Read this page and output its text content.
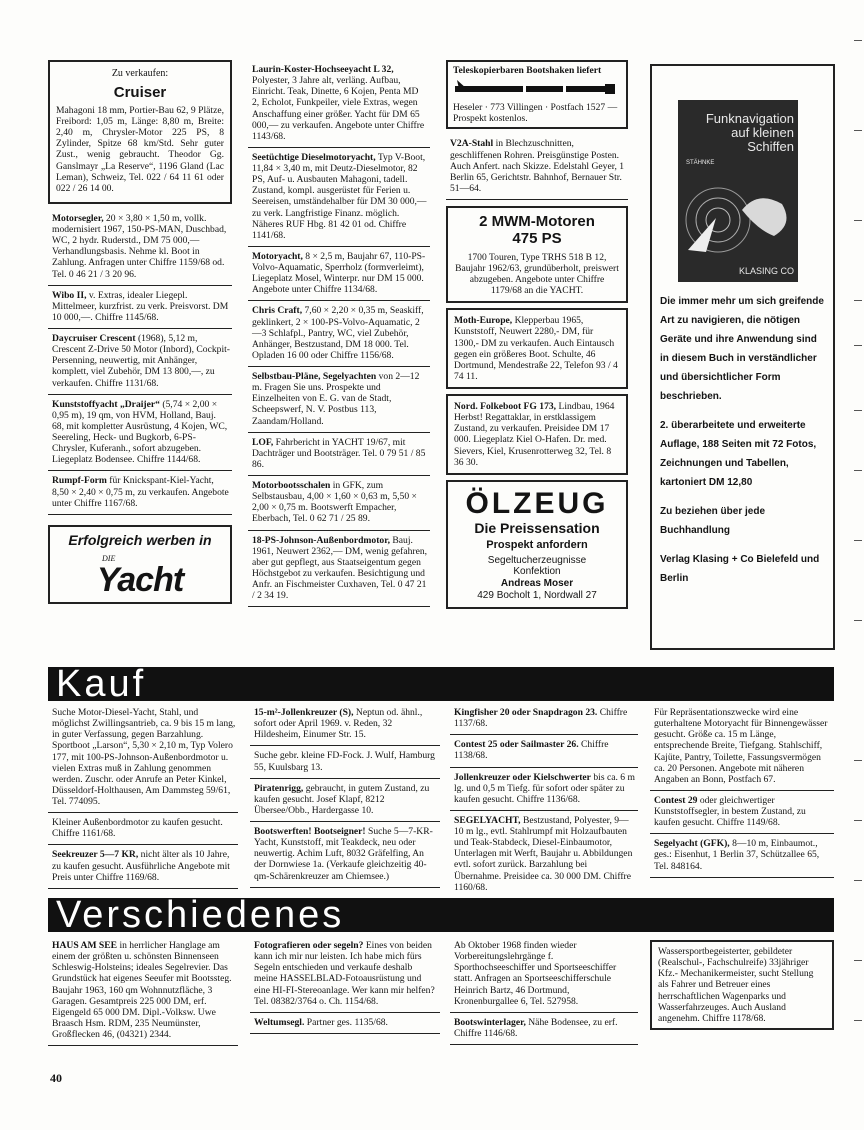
Zu verkaufen:
Cruiser
Mahagoni 18 mm, Portier-Bau 62, 9 Plätze, Freibord: 1,05 m, Länge: 8,80 m, Breite: 2,40 m, Chrysler-Motor 225 PS, 8 Zylinder, Spitze 68 km/Std. Sehr guter Zust., wenig gebraucht. Theodor Gg. Ganslmayr „La Reserve“, 1196 Gland (Lac Leman), Schweiz, Tel. 022 / 64 11 61 oder 022 / 26 14 00.
Motorsegler, 20 × 3,80 × 1,50 m, vollk. modernisiert 1967, 150-PS-MAN, Duschbad, WC, 2 hydr. Ruderstd., DM 75 000,— Verhandlungsbasis. Nehme kl. Boot in Zahlung. Anfragen unter Chiffre 1159/68 od. Tel. 0 46 21 / 3 20 96.
Wibo II, v. Extras, idealer Liegepl. Mittelmeer, kurzfrist. zu verk. Preisvorst. DM 10 000,—. Chiffre 1145/68.
Daycruiser Crescent (1968), 5,12 m, Crescent Z-Drive 50 Motor (Inbord), Cockpit-Persenning, neuwertig, mit Anhänger, komplett, viel Zubehör, DM 13 800,—, zu verkaufen. Chiffre 1131/68.
Kunststoffyacht „Draijer“ (5,74 × 2,00 × 0,95 m), 19 qm, von HVM, Holland, Bauj. 68, mit kompletter Ausrüstung, 4 Kojen, WC, Seereling, Heck- und Bugkorb, 6-PS-Chrysler, Kuferanh., sofort abzugeben. Liegeplatz Bodensee. Chiffre 1144/68.
Rumpf-Form für Knickspant-Kiel-Yacht, 8,50 × 2,40 × 0,75 m, zu verkaufen. Angebote unter Chiffre 1167/68.
Erfolgreich werben in
DIE
Yacht
Laurin-Koster-Hochseeyacht L 32, Polyester, 3 Jahre alt, verläng. Aufbau, Einricht. Teak, Dinette, 6 Kojen, Penta MD 2, Echolot, Funkpeiler, viele Extras, wegen Anschaffung einer größer. Yacht für DM 65 000,— zu verkaufen. Angebote unter Chiffre 1143/68.
Seetüchtige Dieselmotoryacht, Typ V-Boot, 11,84 × 3,40 m, mit Deutz-Dieselmotor, 82 PS, Auf- u. Ausbauten Mahagoni, tadell. Zustand, kompl. ausgerüstet für Ferien u. Seereisen, umständehalber für DM 30 000,— zu verk. Langfristige Finanz. möglich. Näheres RUF Hbg. 81 42 01 od. Chiffre 1141/68.
Motoryacht, 8 × 2,5 m, Baujahr 67, 110-PS-Volvo-Aquamatic, Sperrholz (formverleimt), Liegeplatz Mosel, Winterpr. nur DM 15 000. Angebote unter Chiffre 1134/68.
Chris Craft, 7,60 × 2,20 × 0,35 m, Seaskiff, geklinkert, 2 × 100-PS-Volvo-Aquamatic, 2—3 Schlafpl., Pantry, WC, viel Zubehör, Anhänger, Bestzustand, DM 18 000. Tel. Opladen 16 00 oder Chiffre 1156/68.
Selbstbau-Pläne, Segelyachten von 2—12 m. Fragen Sie uns. Prospekte und Einzelheiten von E. G. van de Stadt, Scheepswerf, N. V. Postbus 113, Zaandam/Holland.
LOF, Fahrbericht in YACHT 19/67, mit Dachträger und Bootsträger. Tel. 0 79 51 / 85 86.
Motorbootsschalen in GFK, zum Selbstausbau, 4,00 × 1,60 × 0,63 m, 5,50 × 2,00 × 0,75 m. Bootswerft Empacher, Eberbach, Tel. 0 62 71 / 25 89.
18-PS-Johnson-Außenbordmotor, Bauj. 1961, Neuwert 2362,— DM, wenig gefahren, aber gut gepflegt, aus Staatseigentum gegen Höchstgebot zu verkaufen. Besichtigung und Anfr. an Fischmeister Cuxhaven, Tel. 0 47 21 / 2 34 19.
Teleskopierbaren Bootshaken liefert
Heseler · 773 Villingen · Postfach 1527 — Prospekt kostenlos.
V2A-Stahl in Blechzuschnitten, geschliffenen Rohren. Preisgünstige Posten. Auch Anfert. nach Skizze. Edelstahl Geyer, 1 Berlin 65, Gerichtstr. Bahnhof, Bernauer Str. 51—64.
2 MWM-Motoren
475 PS
1700 Touren, Type TRHS 518 B 12, Baujahr 1962/63, grundüberholt, preiswert abzugeben. Angebote unter Chiffre 1179/68 an die YACHT.
Moth-Europe, Klepperbau 1965, Kunststoff, Neuwert 2280,- DM, für 1300,- DM zu verkaufen. Auch Eintausch gegen ein größeres Boot. Schulte, 46 Dortmund, Mendestraße 22, Telefon 93 / 4 74 11.
Nord. Folkeboot FG 173, Lindbau, 1964 Herbst! Regattaklar, in erstklassigem Zustand, zu verkaufen. Preisidee DM 17 000. Liegeplatz Kiel O-Hafen. Dr. med. Sievers, Kiel, Krusenrotterweg 32, Tel. 8 36 30.
ÖLZEUG
Die Preissensation
Prospekt anfordern
Segeltucherzeugnisse
Konfektion
Andreas Moser
429 Bocholt 1, Nordwall 27
Funknavigation auf kleinen Schiffen
STÄHNKE
KLASING CO
Die immer mehr um sich greifende Art zu navigieren, die nötigen Geräte und ihre Anwendung sind in diesem Buch in verständlicher und übersichtlicher Form beschrieben.
2. überarbeitete und erweiterte Auflage, 188 Seiten mit 72 Fotos, Zeichnungen und Tabellen, kartoniert DM 12,80
Zu beziehen über jede Buchhandlung
Verlag Klasing + Co Bielefeld und Berlin
Kauf
Suche Motor-Diesel-Yacht, Stahl, und möglichst Zwillingsantrieb, ca. 9 bis 15 m lang, in guter Verfassung, gegen Barzahlung. Sportboot „Larson“, 5,30 × 2,10 m, Typ Volero 177, mit 100-PS-Johnson-Außenbordmotor u. vielen Extras muß in Zahlung genommen werden. Zuschr. oder Anrufe an Peter Kinkel, Düsseldorf-Holthausen, Am Dammsteg 59/61, Tel. 774095.
Kleiner Außenbordmotor zu kaufen gesucht. Chiffre 1161/68.
Seekreuzer 5—7 KR, nicht älter als 10 Jahre, zu kaufen gesucht. Ausführliche Angebote mit Preis unter Chiffre 1169/68.
15-m²-Jollenkreuzer (S), Neptun od. ähnl., sofort oder April 1969. v. Reden, 32 Hildesheim, Einumer Str. 15.
Suche gebr. kleine FD-Fock. J. Wulf, Hamburg 55, Kuulsbarg 13.
Piratenrigg, gebraucht, in gutem Zustand, zu kaufen gesucht. Josef Klapf, 8212 Übersee/Obb., Hardergasse 10.
Bootswerften! Bootseigner! Suche 5—7-KR-Yacht, Kunststoff, mit Teakdeck, neu oder neuwertig. Achim Luft, 8032 Gräfelfing, An der Dornwiese 1a. (Verkaufe gleichzeitig 40-qm-Schärenkreuzer am Chiemsee.)
Kingfisher 20 oder Snapdragon 23. Chiffre 1137/68.
Contest 25 oder Sailmaster 26. Chiffre 1138/68.
Jollenkreuzer oder Kielschwerter bis ca. 6 m lg. und 0,5 m Tiefg. für sofort oder später zu kaufen gesucht. Chiffre 1136/68.
SEGELYACHT, Bestzustand, Polyester, 9—10 m lg., evtl. Stahlrumpf mit Holzaufbauten und Teak-Stabdeck, Diesel-Einbaumotor, Unterlagen mit Werft, Baujahr u. Abbildungen evtl. sofort zurück. Barzahlung bei Übernahme. Preisidee ca. 30 000 DM. Chiffre 1160/68.
Für Repräsentationszwecke wird eine guterhaltene Motoryacht für Binnengewässer gesucht. Größe ca. 15 m Länge, entsprechende Breite, Tiefgang. Stahlschiff, Kajüte, Pantry, Toilette, Fassungsvermögen ca. 20 Personen. Angebote mit näheren Angaben an Bonn, Postfach 67.
Contest 29 oder gleichwertiger Kunststoffsegler, in bestem Zustand, zu kaufen gesucht. Chiffre 1149/68.
Segelyacht (GFK), 8—10 m, Einbaumot., ges.: Eisenhut, 1 Berlin 37, Schützallee 65, Tel. 848164.
Verschiedenes
HAUS AM SEE in herrlicher Hanglage am einem der größten u. schönsten Binnenseen Schleswig-Holsteins; ideales Segelrevier. Das Grundstück hat eigenes Seeufer mit Bootssteg. Baujahr 1963, 160 qm Wohnnutzfläche, 3 Garagen. Gesamtpreis 225 000 DM, erf. Eigengeld 65 000 DM. Dipl.-Volksw. Uwe Braasch Hsm. RDM, 235 Neumünster, Großflecken 46, (04321) 2344.
Fotografieren oder segeln? Eines von beiden kann ich mir nur leisten. Ich habe mich fürs Segeln entschieden und verkaufe deshalb meine HASSELBLAD-Fotoausrüstung und eine HI-FI-Stereoanlage. Wer kann mir helfen? Tel. 08382/3764 o. Ch. 1154/68.
Weltumsegl. Partner ges. 1135/68.
Ab Oktober 1968 finden wieder Vorbereitungslehrgänge f. Sporthochseeschiffer und Sportseeschiffer statt. Anfragen an Sportseeschifferschule Heinrich Bartz, 46 Dortmund, Kronenburgallee 6, Tel. 527958.
Bootswinterlager, Nähe Bodensee, zu erf. Chiffre 1146/68.
Wassersportbegeisterter, gebildeter (Realschul-, Fachschulreife) 33jähriger Kfz.- Mechanikermeister, sucht Stellung als Fahrer und Betreuer eines herrschaftlichen Wagenparks und Wasserfahrzeuges. Auch Ausland angenehm. Chiffre 1178/68.
40
